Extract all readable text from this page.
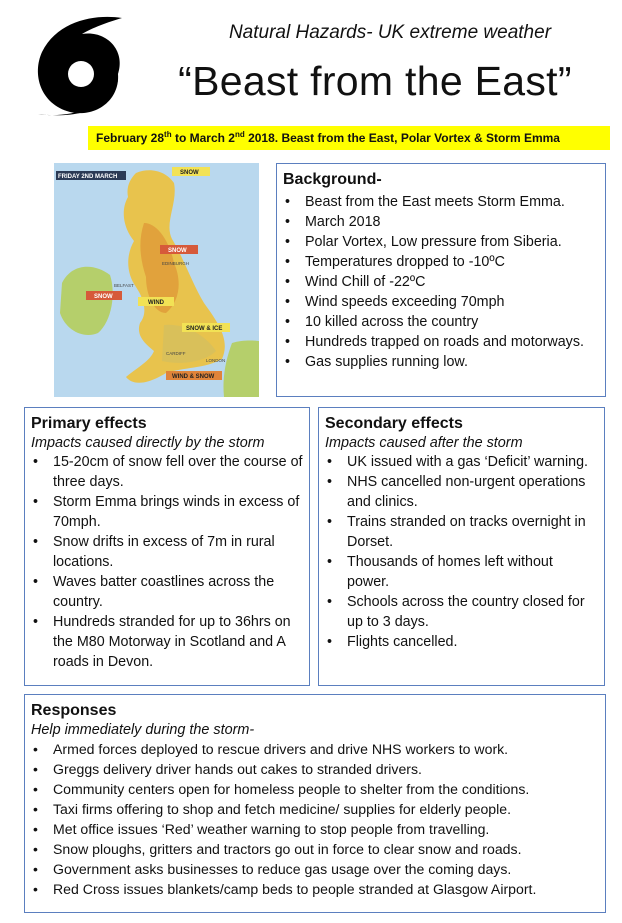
Natural Hazards- UK extreme weather
“Beast from the East”
February 28th to March 2nd 2018. Beast from the East, Polar Vortex & Storm Emma
FRIDAY 2ND MARCH
SNOW
SNOW
SNOW
WIND
SNOW & ICE
WIND & SNOW
EDINBURGH
BELFAST
CARDIFF
LONDON
Background-
• Beast from the East meets Storm Emma.
• March 2018
• Polar Vortex, Low pressure from Siberia.
• Temperatures dropped to -10ºC
• Wind Chill of -22ºC
• Wind speeds exceeding 70mph
• 10 killed across the country
• Hundreds trapped on roads and motorways.
• Gas supplies running low.
Primary effects
Impacts caused directly by the storm
• 15-20cm of snow fell over the course of three days.
• Storm Emma brings winds in excess of 70mph.
• Snow drifts in excess of 7m in rural locations.
• Waves batter coastlines across the country.
• Hundreds stranded for up to 36hrs on the M80 Motorway in Scotland and A roads in Devon.
Secondary effects
Impacts caused after the storm
• UK issued with a gas ‘Deficit’ warning.
• NHS cancelled non-urgent operations and clinics.
• Trains stranded on tracks overnight in Dorset.
• Thousands of homes left without power.
• Schools across the country closed for up to 3 days.
• Flights cancelled.
Responses
Help immediately during the storm-
• Armed forces deployed to rescue drivers and drive NHS workers to work.
• Greggs delivery driver hands out cakes to stranded drivers.
• Community centers open for homeless people to shelter from the conditions.
• Taxi firms offering to shop and fetch medicine/ supplies for elderly people.
• Met office issues ‘Red’ weather warning to stop people from travelling.
• Snow ploughs, gritters and tractors go out in force to clear snow and roads.
• Government asks businesses to reduce gas usage over the coming days.
• Red Cross issues blankets/camp beds to people stranded at Glasgow Airport.
